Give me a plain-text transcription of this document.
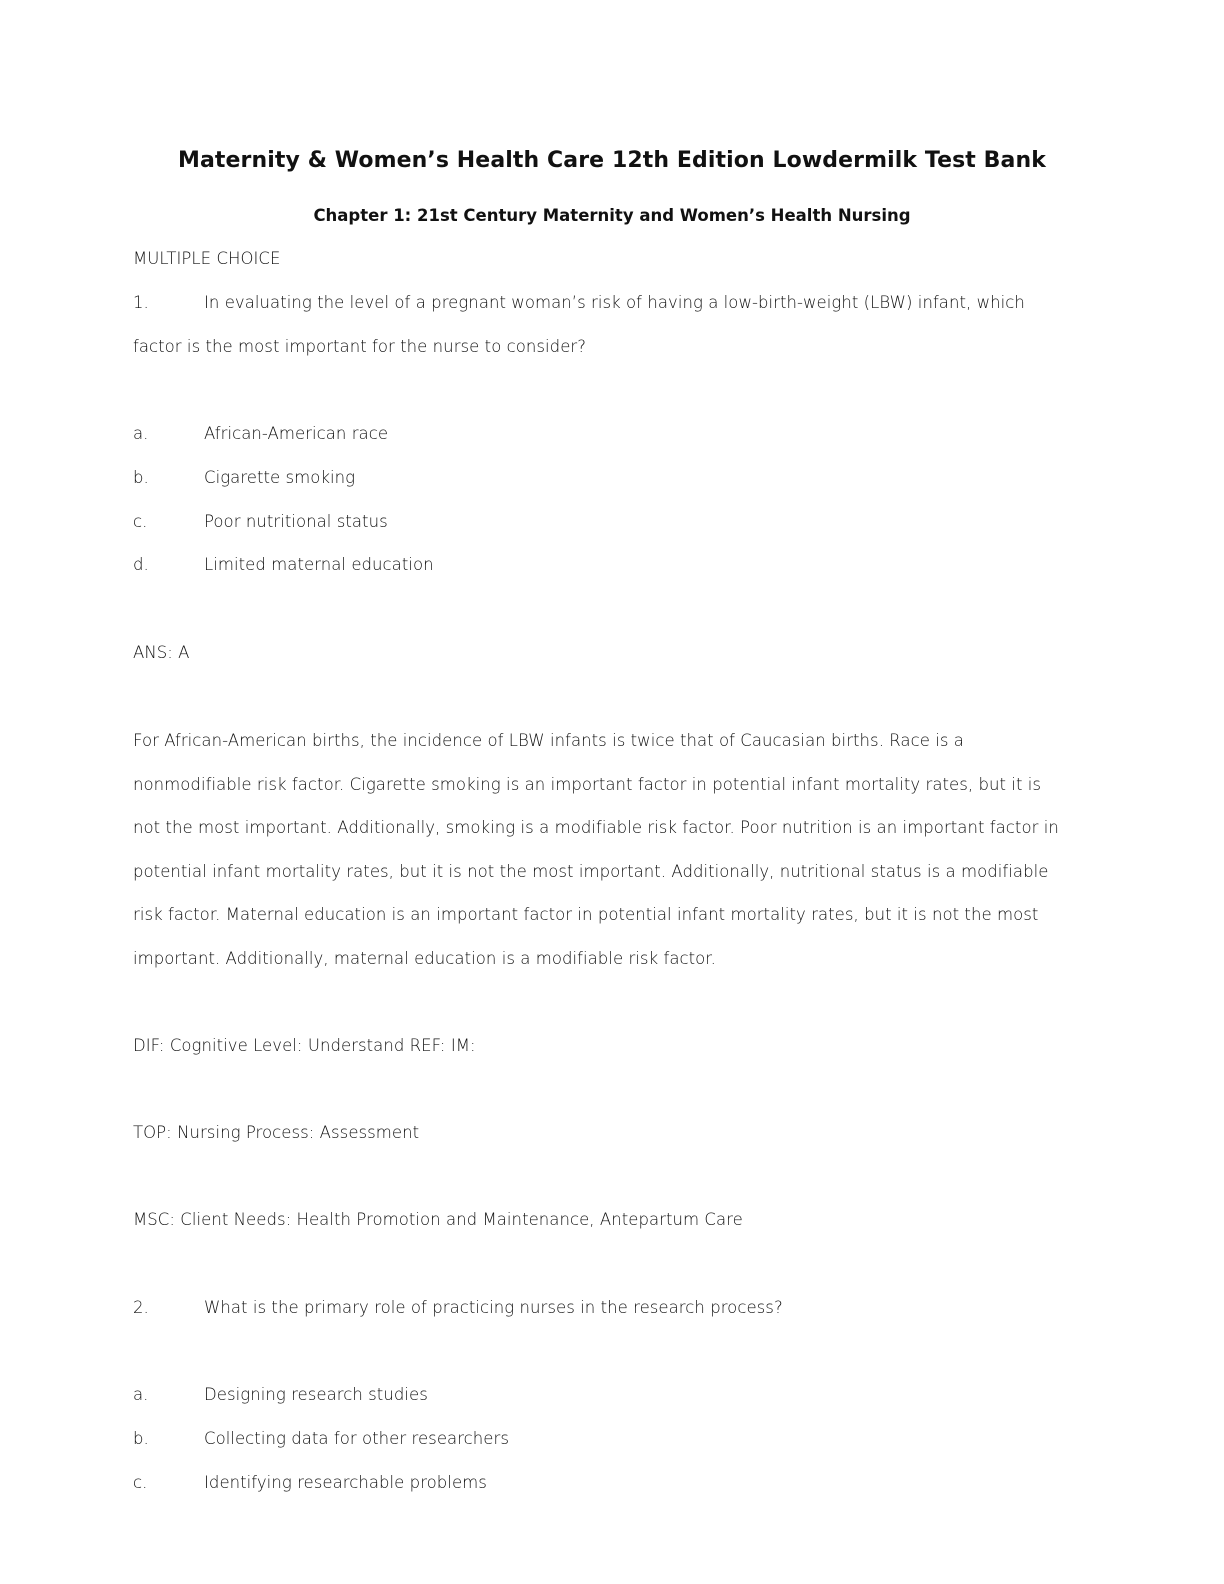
Maternity & Women’s Health Care 12th Edition Lowdermilk Test Bank
Chapter 1: 21st Century Maternity and Women’s Health Nursing
MULTIPLE CHOICE
1.	In evaluating the level of a pregnant woman’s risk of having a low-birth-weight (LBW) infant, which
factor is the most important for the nurse to consider?
a.	African-American race
b.	Cigarette smoking
c.	Poor nutritional status
d.	Limited maternal education
ANS: A

For African-American births, the incidence of LBW infants is twice that of Caucasian births. Race is a

nonmodifiable risk factor. Cigarette smoking is an important factor in potential infant mortality rates, but it is

not the most important. Additionally, smoking is a modifiable risk factor. Poor nutrition is an important factor in

potential infant mortality rates, but it is not the most important. Additionally, nutritional status is a modifiable

risk factor. Maternal education is an important factor in potential infant mortality rates, but it is not the most

important. Additionally, maternal education is a modifiable risk factor.

DIF: Cognitive Level: Understand REF: IM:
TOP: Nursing Process: Assessment
MSC: Client Needs: Health Promotion and Maintenance, Antepartum Care
2.	What is the primary role of practicing nurses in the research process?
a.	Designing research studies
b.	Collecting data for other researchers
c.	Identifying researchable problems
